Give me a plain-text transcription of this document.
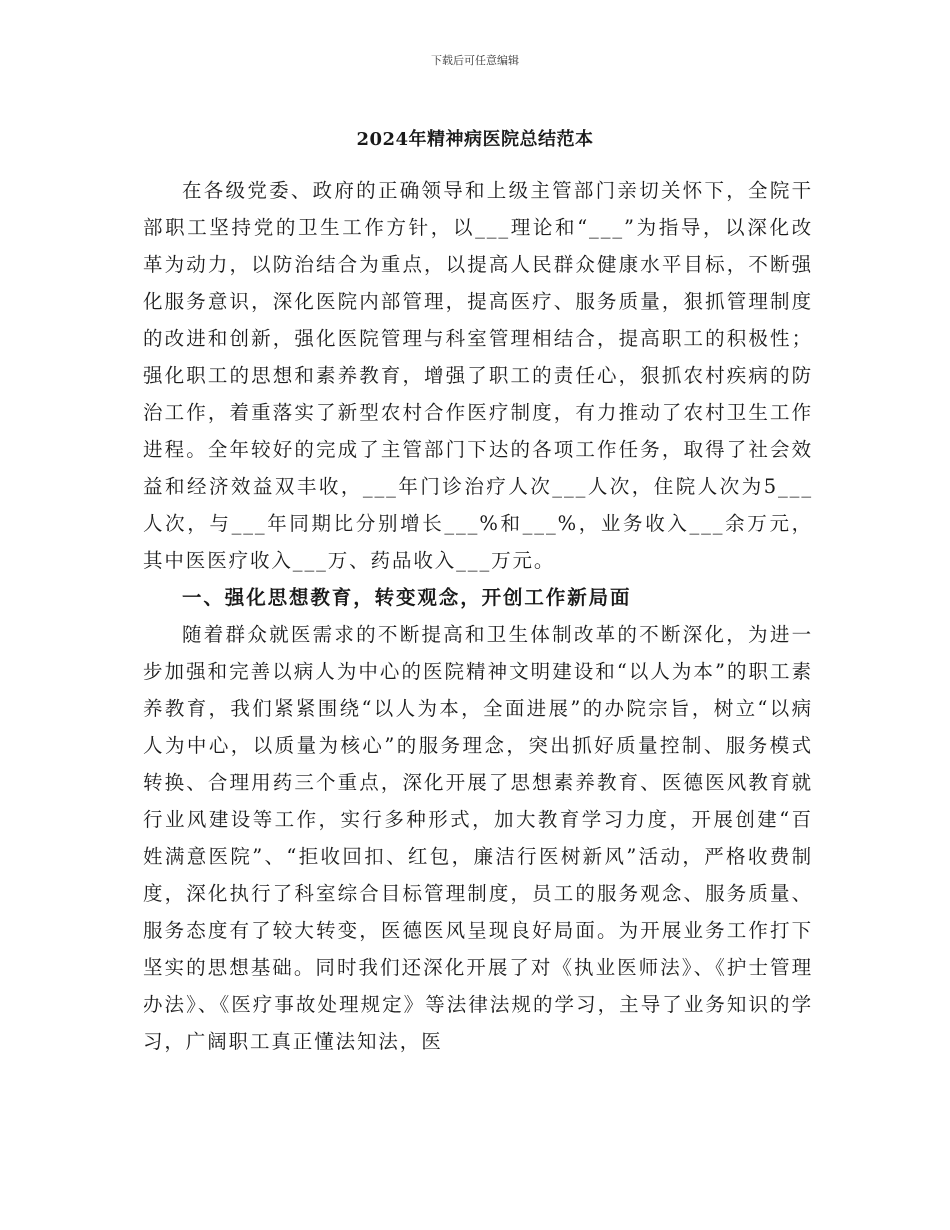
下载后可任意编辑
2024年精神病医院总结范本

在各级党委、政府的正确领导和上级主管部门亲切关怀下，全院干部职工坚持党的卫生工作方针，以___理论和“___”为指导，以深化改革为动力，以防治结合为重点，以提高人民群众健康水平目标，不断强化服务意识，深化医院内部管理，提高医疗、服务质量，狠抓管理制度的改进和创新，强化医院管理与科室管理相结合，提高职工的积极性；强化职工的思想和素养教育，增强了职工的责任心，狠抓农村疾病的防治工作，着重落实了新型农村合作医疗制度，有力推动了农村卫生工作进程。全年较好的完成了主管部门下达的各项工作任务，取得了社会效益和经济效益双丰收，___年门诊治疗人次___人次，住院人次为5___人次，与___年同期比分别增长___%和___%，业务收入___余万元，其中医医疗收入___万、药品收入___万元。

一、强化思想教育，转变观念，开创工作新局面

随着群众就医需求的不断提高和卫生体制改革的不断深化，为进一步加强和完善以病人为中心的医院精神文明建设和“以人为本”的职工素养教育，我们紧紧围绕“以人为本，全面进展”的办院宗旨，树立“以病人为中心，以质量为核心”的服务理念，突出抓好质量控制、服务模式转换、合理用药三个重点，深化开展了思想素养教育、医德医风教育就行业风建设等工作，实行多种形式，加大教育学习力度，开展创建“百姓满意医院”、“拒收回扣、红包，廉洁行医树新风”活动，严格收费制度，深化执行了科室综合目标管理制度，员工的服务观念、服务质量、服务态度有了较大转变，医德医风呈现良好局面。为开展业务工作打下坚实的思想基础。同时我们还深化开展了对《执业医师法》、《护士管理办法》、《医疗事故处理规定》等法律法规的学习，主导了业务知识的学习，广阔职工真正懂法知法，医
